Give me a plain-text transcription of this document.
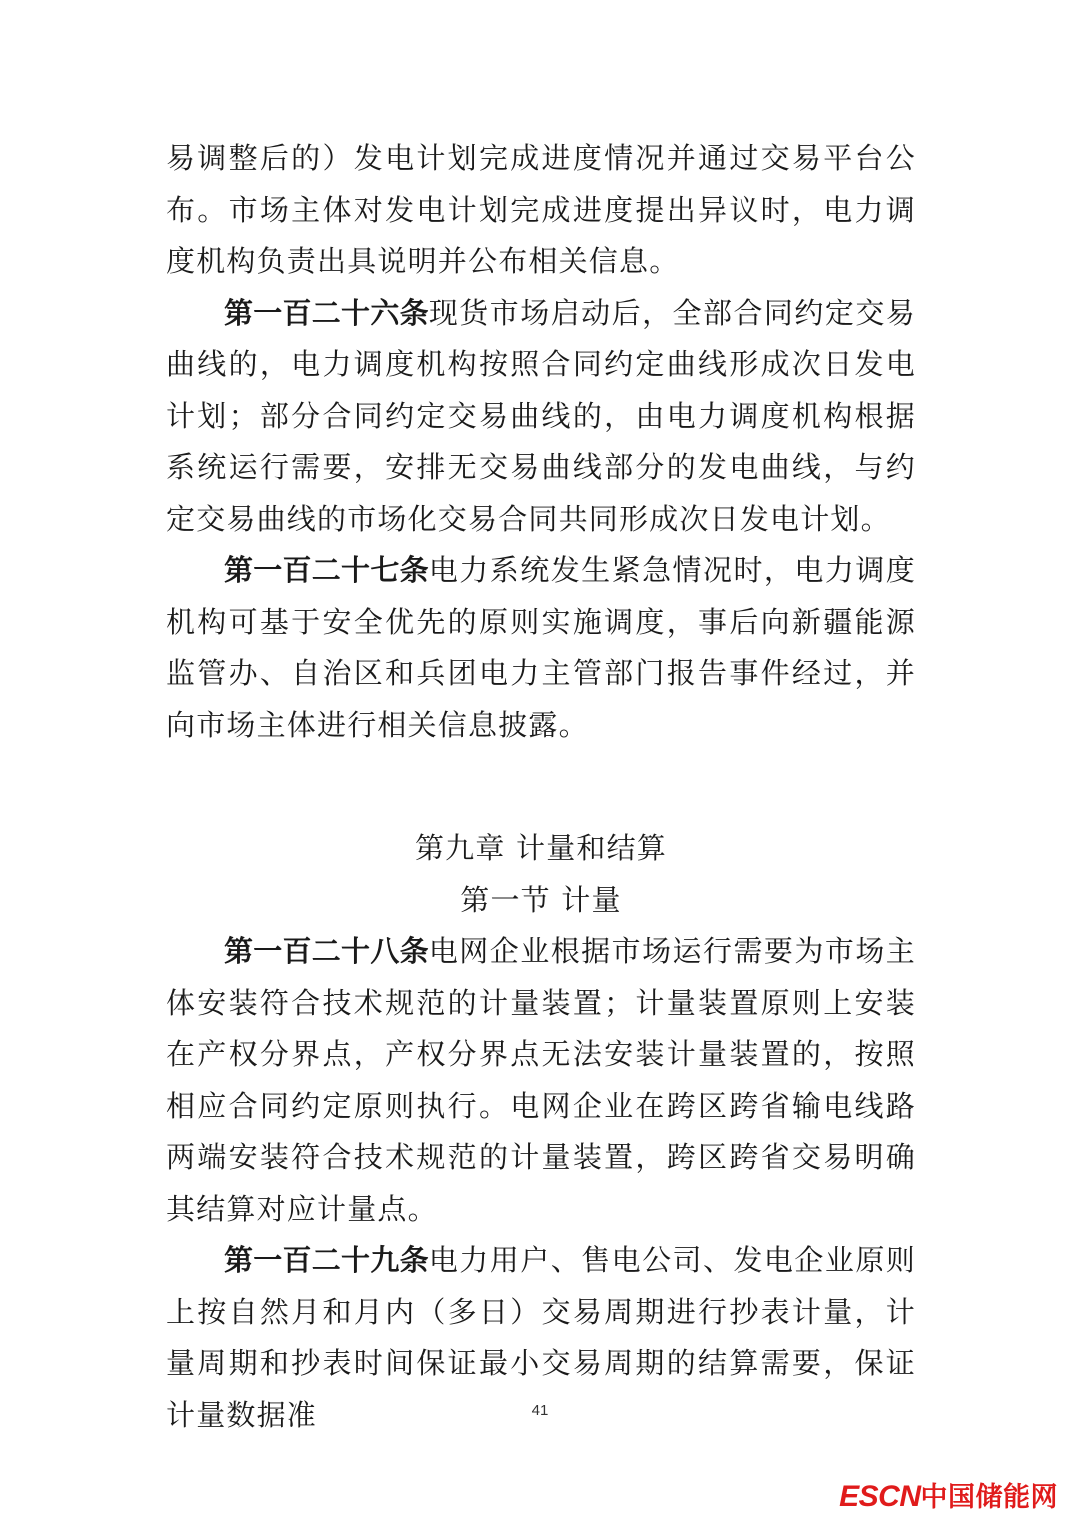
易调整后的）发电计划完成进度情况并通过交易平台公布。市场主体对发电计划完成进度提出异议时，电力调度机构负责出具说明并公布相关信息。

第一百二十六条现货市场启动后，全部合同约定交易曲线的，电力调度机构按照合同约定曲线形成次日发电计划；部分合同约定交易曲线的，由电力调度机构根据系统运行需要，安排无交易曲线部分的发电曲线，与约定交易曲线的市场化交易合同共同形成次日发电计划。

第一百二十七条电力系统发生紧急情况时，电力调度机构可基于安全优先的原则实施调度，事后向新疆能源监管办、自治区和兵团电力主管部门报告事件经过，并向市场主体进行相关信息披露。

第九章 计量和结算

第一节 计量

第一百二十八条电网企业根据市场运行需要为市场主体安装符合技术规范的计量装置；计量装置原则上安装在产权分界点，产权分界点无法安装计量装置的，按照相应合同约定原则执行。电网企业在跨区跨省输电线路两端安装符合技术规范的计量装置，跨区跨省交易明确其结算对应计量点。

第一百二十九条电力用户、售电公司、发电企业原则上按自然月和月内（多日）交易周期进行抄表计量，计量周期和抄表时间保证最小交易周期的结算需要，保证计量数据准	41
ESCN中国储能网
